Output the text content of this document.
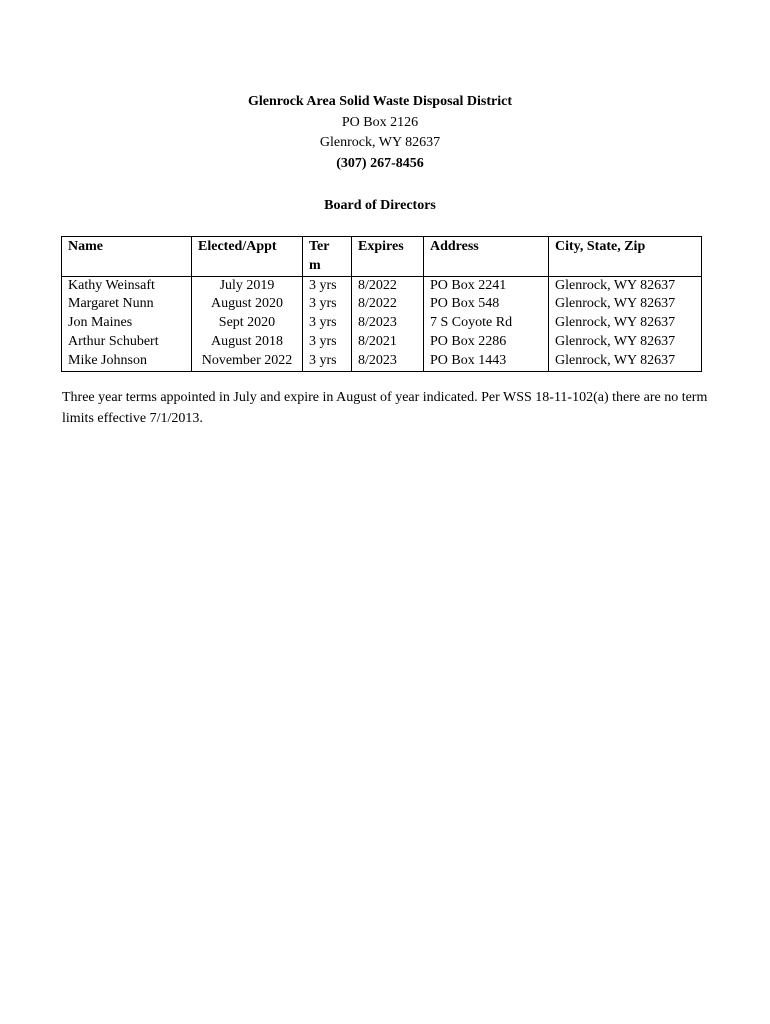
Glenrock Area Solid Waste Disposal District
PO Box 2126
Glenrock, WY 82637
(307) 267-8456
Board of Directors
Name	Elected/Appt	Term	Expires	Address	City, State, Zip
Kathy Weinsaft	July 2019	3 yrs	8/2022	PO Box 2241	Glenrock, WY 82637
Margaret Nunn	August 2020	3 yrs	8/2022	PO Box 548	Glenrock, WY 82637
Jon Maines	Sept 2020	3 yrs	8/2023	7 S Coyote Rd	Glenrock, WY 82637
Arthur Schubert	August 2018	3 yrs	8/2021	PO Box 2286	Glenrock, WY 82637
Mike Johnson	November 2022	3 yrs	8/2023	PO Box 1443	Glenrock, WY 82637
Three year terms appointed in July and expire in August of year indicated. Per WSS 18-11-102(a) there are no term limits effective 7/1/2013.
